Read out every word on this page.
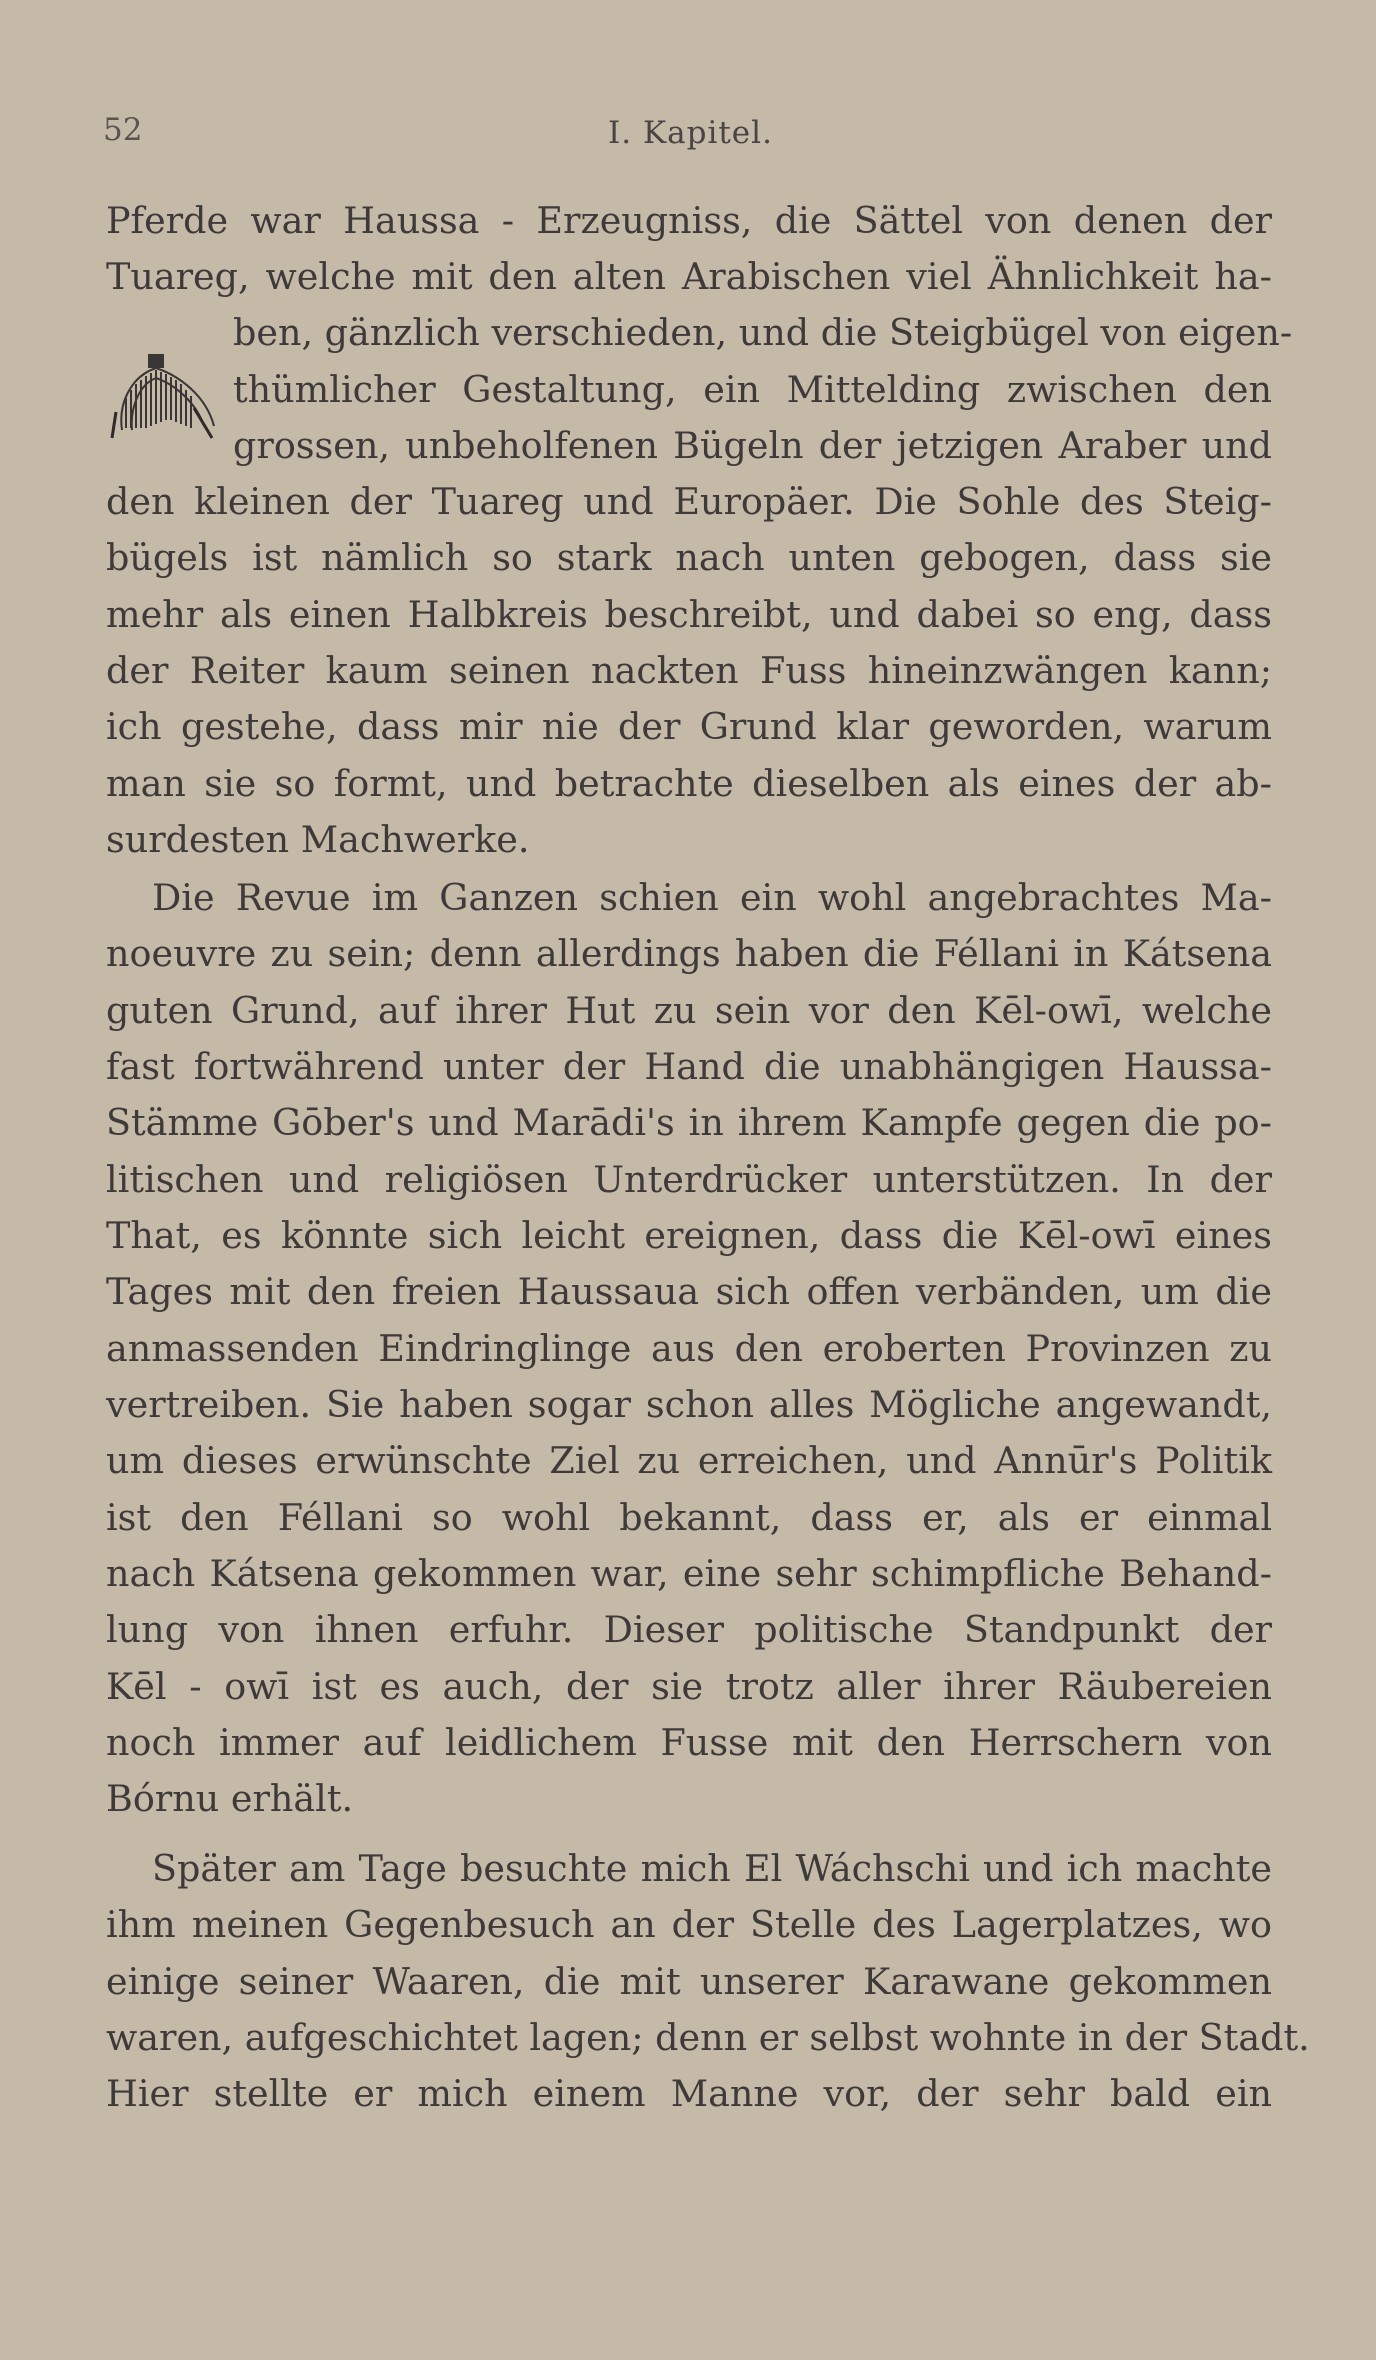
52	I. Kapitel.
Pferde war Haussa - Erzeugniss, die Sättel von denen der
Tuareg, welche mit den alten Arabischen viel Ähnlichkeit ha-
ben, gänzlich verschieden, und die Steigbügel von eigen-
thümlicher Gestaltung, ein Mittelding zwischen den
grossen, unbeholfenen Bügeln der jetzigen Araber und
den kleinen der Tuareg und Europäer. Die Sohle des Steig-
bügels ist nämlich so stark nach unten gebogen, dass sie
mehr als einen Halbkreis beschreibt, und dabei so eng, dass
der Reiter kaum seinen nackten Fuss hineinzwängen kann;
ich gestehe, dass mir nie der Grund klar geworden, warum
man sie so formt, und betrachte dieselben als eines der ab-
surdesten Machwerke.
Die Revue im Ganzen schien ein wohl angebrachtes Ma-
noeuvre zu sein; denn allerdings haben die Féllani in Kátsena
guten Grund, auf ihrer Hut zu sein vor den Kēl-owī, welche
fast fortwährend unter der Hand die unabhängigen Haussa-
Stämme Gōber's und Marādi's in ihrem Kampfe gegen die po-
litischen und religiösen Unterdrücker unterstützen. In der
That, es könnte sich leicht ereignen, dass die Kēl-owī eines
Tages mit den freien Haussaua sich offen verbänden, um die
anmassenden Eindringlinge aus den eroberten Provinzen zu
vertreiben. Sie haben sogar schon alles Mögliche angewandt,
um dieses erwünschte Ziel zu erreichen, und Annūr's Politik
ist den Féllani so wohl bekannt, dass er, als er einmal
nach Kátsena gekommen war, eine sehr schimpfliche Behand-
lung von ihnen erfuhr. Dieser politische Standpunkt der
Kēl - owī ist es auch, der sie trotz aller ihrer Räubereien
noch immer auf leidlichem Fusse mit den Herrschern von
Bórnu erhält.
Später am Tage besuchte mich El Wáchschi und ich machte
ihm meinen Gegenbesuch an der Stelle des Lagerplatzes, wo
einige seiner Waaren, die mit unserer Karawane gekommen
waren, aufgeschichtet lagen; denn er selbst wohnte in der Stadt.
Hier stellte er mich einem Manne vor, der sehr bald ein
